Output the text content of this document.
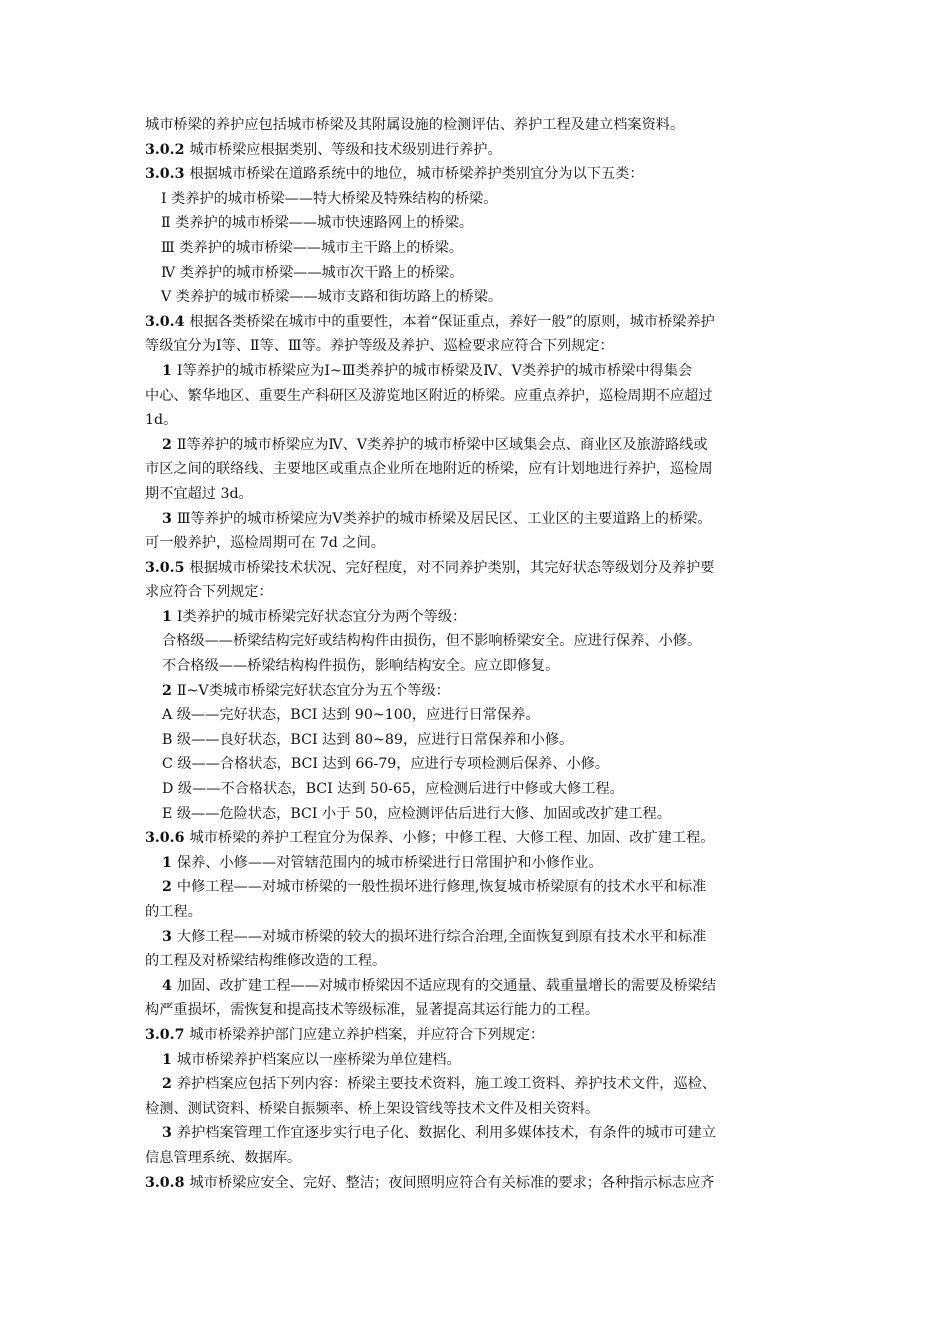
城市桥梁的养护应包括城市桥梁及其附属设施的检测评估、养护工程及建立档案资料。
3.0.2 城市桥梁应根据类别、等级和技术级别进行养护。
3.0.3 根据城市桥梁在道路系统中的地位，城市桥梁养护类别宜分为以下五类：
Ⅰ 类养护的城市桥梁——特大桥梁及特殊结构的桥梁。
Ⅱ 类养护的城市桥梁——城市快速路网上的桥梁。
Ⅲ 类养护的城市桥梁——城市主干路上的桥梁。
Ⅳ 类养护的城市桥梁——城市次干路上的桥梁。
Ⅴ 类养护的城市桥梁——城市支路和街坊路上的桥梁。
3.0.4 根据各类桥梁在城市中的重要性，本着“保证重点，养好一般”的原则，城市桥梁养护
等级宜分为Ⅰ等、Ⅱ等、Ⅲ等。养护等级及养护、巡检要求应符合下列规定：
1 Ⅰ等养护的城市桥梁应为Ⅰ~Ⅲ类养护的城市桥梁及Ⅳ、Ⅴ类养护的城市桥梁中得集会
中心、繁华地区、重要生产科研区及游览地区附近的桥梁。应重点养护，巡检周期不应超过
1d。
2 Ⅱ等养护的城市桥梁应为Ⅳ、Ⅴ类养护的城市桥梁中区域集会点、商业区及旅游路线或
市区之间的联络线、主要地区或重点企业所在地附近的桥梁，应有计划地进行养护，巡检周
期不宜超过 3d。
3 Ⅲ等养护的城市桥梁应为Ⅴ类养护的城市桥梁及居民区、工业区的主要道路上的桥梁。
可一般养护，巡检周期可在 7d 之间。
3.0.5 根据城市桥梁技术状况、完好程度，对不同养护类别，其完好状态等级划分及养护要
求应符合下列规定：
1 Ⅰ类养护的城市桥梁完好状态宜分为两个等级：
合格级——桥梁结构完好或结构构件由损伤，但不影响桥梁安全。应进行保养、小修。
不合格级——桥梁结构构件损伤，影响结构安全。应立即修复。
2 Ⅱ~Ⅴ类城市桥梁完好状态宜分为五个等级：
A 级——完好状态，BCI 达到 90~100，应进行日常保养。
B 级——良好状态，BCI 达到 80~89，应进行日常保养和小修。
C 级——合格状态，BCI 达到 66-79，应进行专项检测后保养、小修。
D 级——不合格状态，BCI 达到 50-65，应检测后进行中修或大修工程。
E 级——危险状态，BCI 小于 50，应检测评估后进行大修、加固或改扩建工程。
3.0.6 城市桥梁的养护工程宜分为保养、小修；中修工程、大修工程、加固、改扩建工程。
1 保养、小修——对管辖范围内的城市桥梁进行日常围护和小修作业。
2 中修工程——对城市桥梁的一般性损坏进行修理,恢复城市桥梁原有的技术水平和标准
的工程。
3 大修工程——对城市桥梁的较大的损坏进行综合治理,全面恢复到原有技术水平和标准
的工程及对桥梁结构维修改造的工程。
4 加固、改扩建工程——对城市桥梁因不适应现有的交通量、载重量增长的需要及桥梁结
构严重损坏，需恢复和提高技术等级标准，显著提高其运行能力的工程。
3.0.7 城市桥梁养护部门应建立养护档案，并应符合下列规定：
1 城市桥梁养护档案应以一座桥梁为单位建档。
2 养护档案应包括下列内容：桥梁主要技术资料，施工竣工资料、养护技术文件，巡检、
检测、测试资料、桥梁自振频率、桥上架设管线等技术文件及相关资料。
3 养护档案管理工作宜逐步实行电子化、数据化、利用多媒体技术，有条件的城市可建立
信息管理系统、数据库。
3.0.8 城市桥梁应安全、完好、整洁；夜间照明应符合有关标准的要求；各种指示标志应齐
